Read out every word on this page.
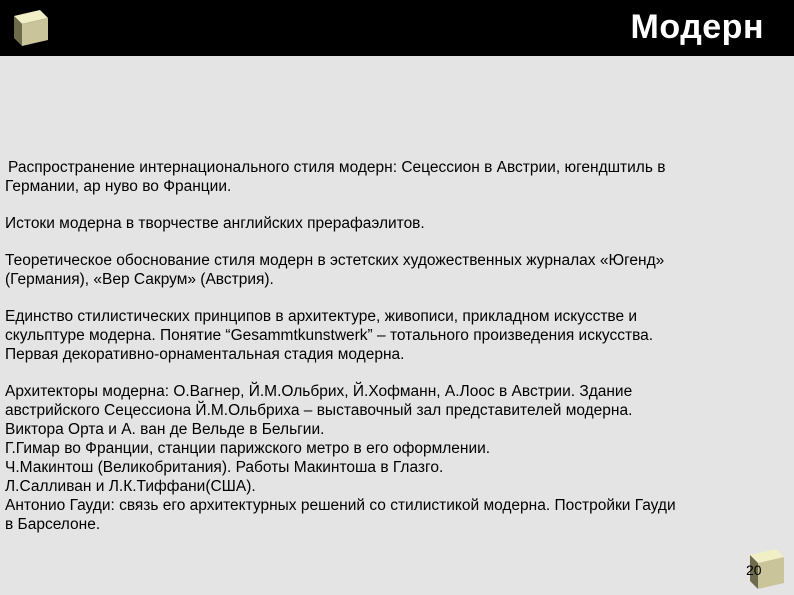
Модерн
Распространение интернационального стиля модерн: Сецессион в Австрии, югендштиль в
Германии, ар нуво во Франции.
Истоки модерна в творчестве английских прерафаэлитов.
Теоретическое обоснование стиля модерн в эстетских художественных журналах «Югенд»
(Германия), «Вер Сакрум» (Австрия).
Единство стилистических принципов в архитектуре, живописи, прикладном искусстве и
скульптуре модерна. Понятие “Gesammtkunstwerk” – тотального произведения искусства.
Первая декоративно-орнаментальная стадия модерна.
Архитекторы модерна: О.Вагнер, Й.М.Ольбрих, Й.Хофманн, А.Лоос в Австрии. Здание
австрийского Сецессиона Й.М.Ольбриха – выставочный зал представителей модерна.
Виктора Орта и А. ван де Вельде в Бельгии.
Г.Гимар во Франции, станции парижского метро в его оформлении.
Ч.Макинтош (Великобритания). Работы Макинтоша в Глазго.
Л.Салливан и Л.К.Тиффани(США).
Антонио Гауди: связь его архитектурных решений со стилистикой модерна. Постройки Гауди
в Барселоне.
20
